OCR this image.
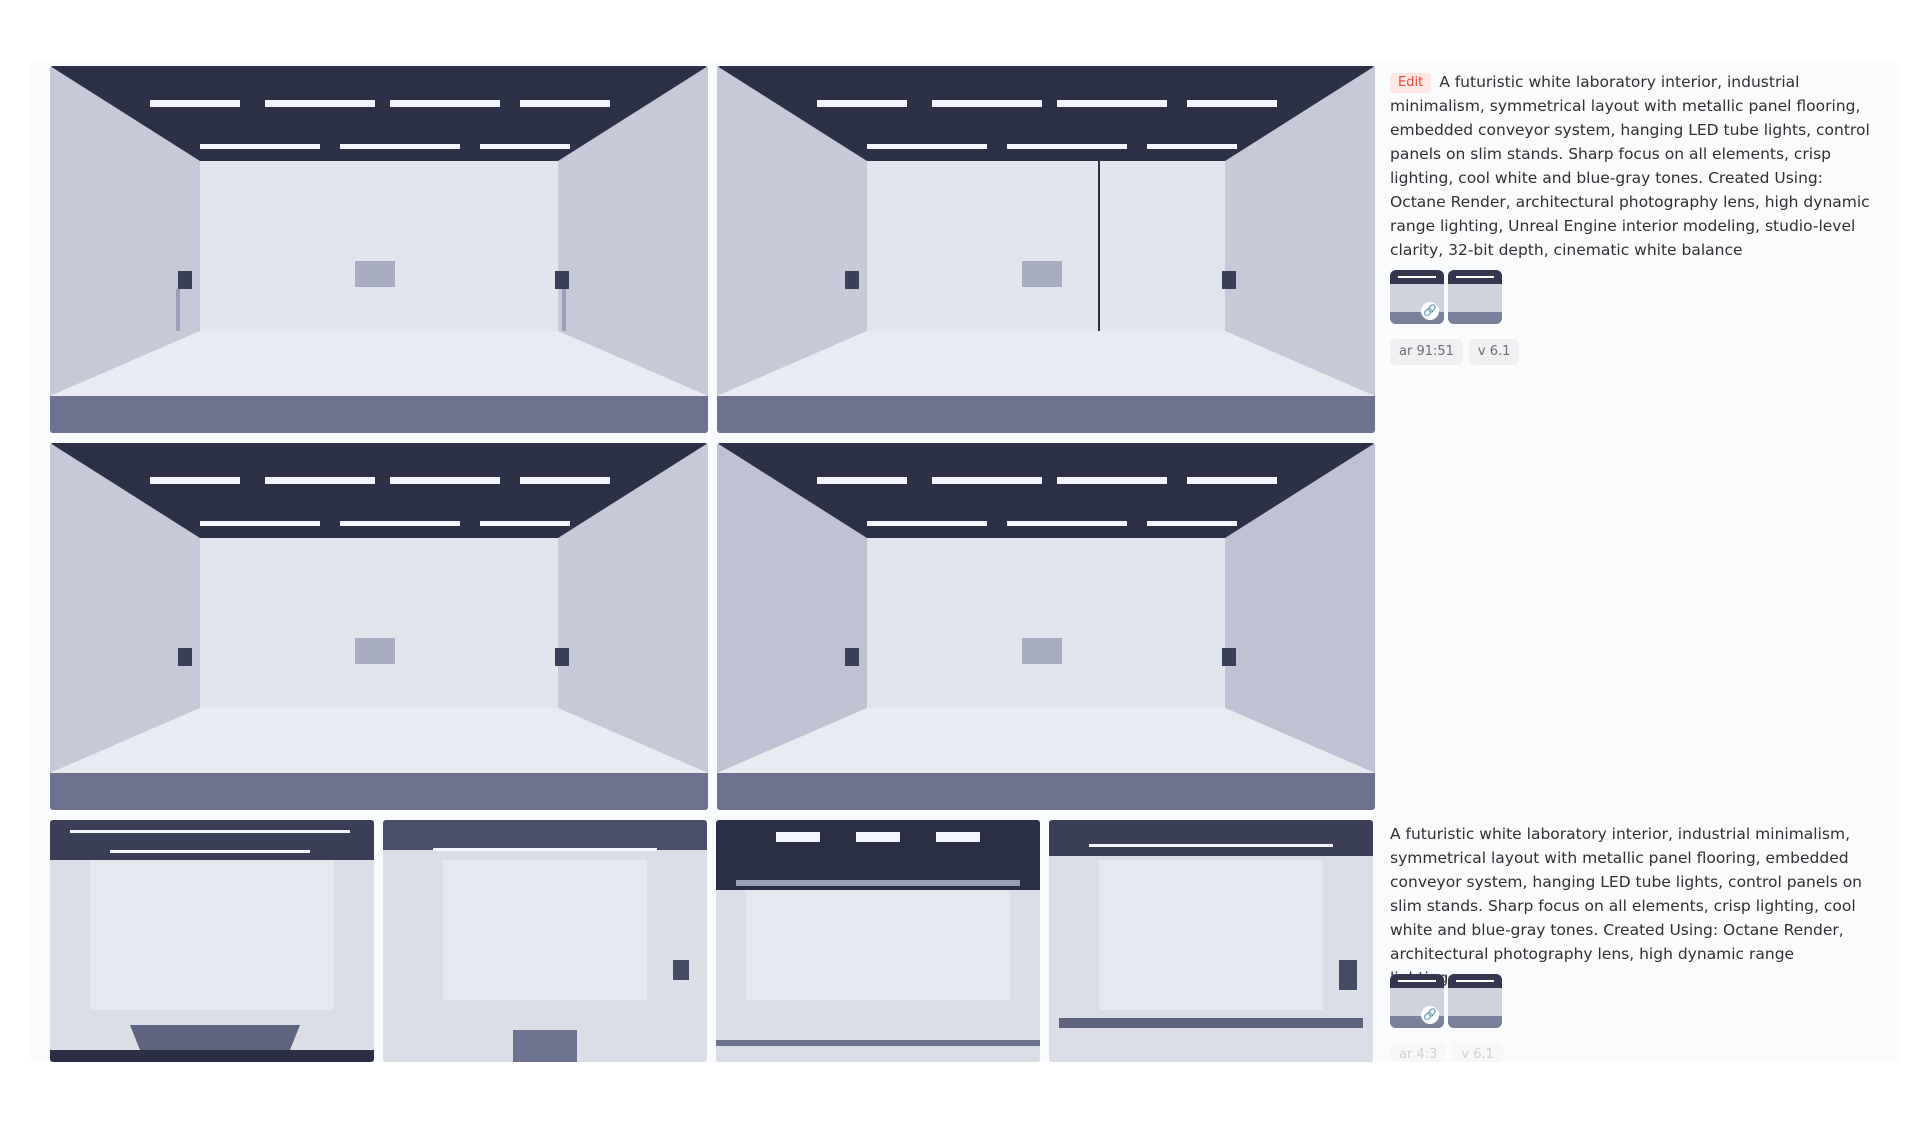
Edit A futuristic white laboratory interior, industrial minimalism, symmetrical layout with metallic panel flooring, embedded conveyor system, hanging LED tube lights, control panels on slim stands. Sharp focus on all elements, crisp lighting, cool white and blue-gray tones. Created Using: Octane Render, architectural photography lens, high dynamic range lighting, Unreal Engine interior modeling, studio-level clarity, 32-bit depth, cinematic white balance
🔗
ar 91:51	v 6.1
A futuristic white laboratory interior, industrial minimalism, symmetrical layout with metallic panel flooring, embedded conveyor system, hanging LED tube lights, control panels on slim stands. Sharp focus on all elements, crisp lighting, cool white and blue-gray tones. Created Using: Octane Render, architectural photography lens, high dynamic range
🔗
ar 4:3	v 6.1
